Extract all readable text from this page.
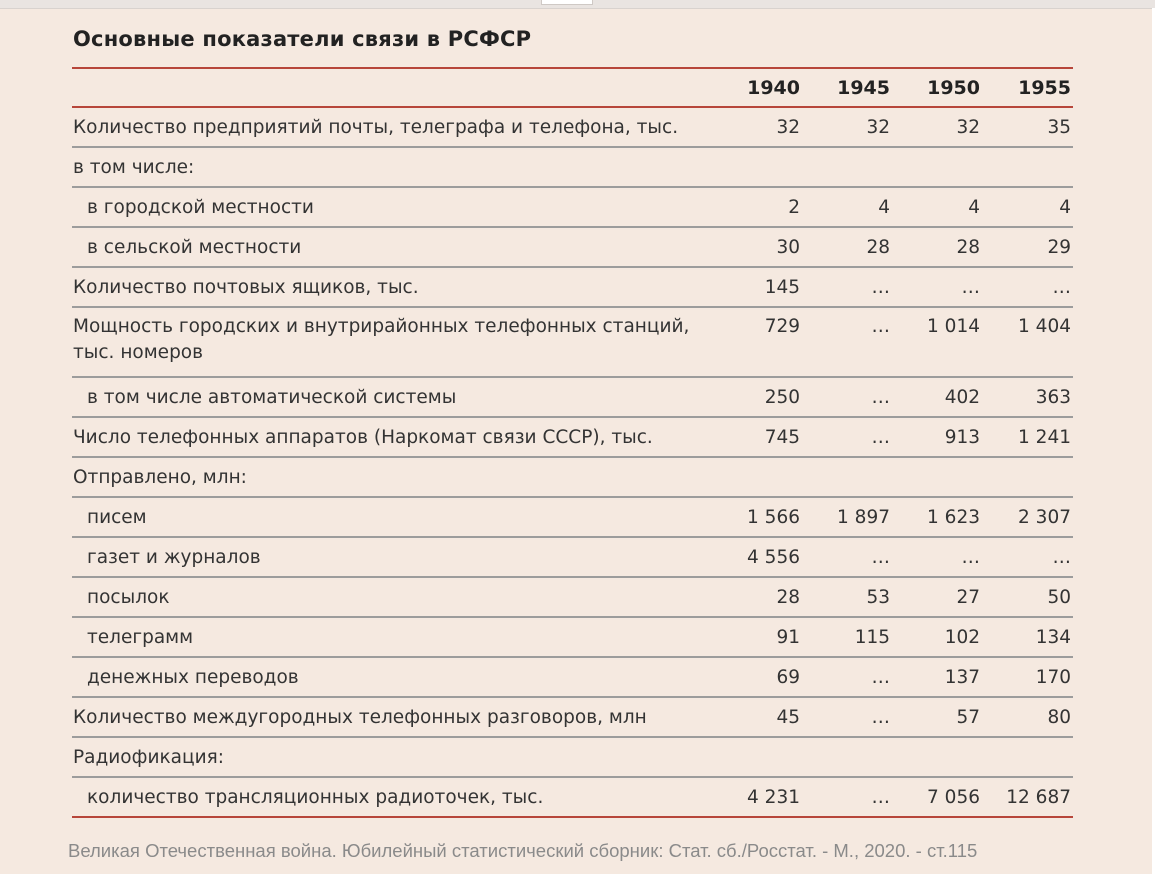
Основные показатели связи в РСФСР
	1940	1945	1950	1955
Количество предприятий почты, телеграфа и телефона, тыс.	32	32	32	35
в том числе:				
в городской местности	2	4	4	4
в сельской местности	30	28	28	29
Количество почтовых ящиков, тыс.	145	…	…	…
Мощность городских и внутрирайонных телефонных станций, тыс. номеров	729	…	1 014	1 404
в том числе автоматической системы	250	…	402	363
Число телефонных аппаратов (Наркомат связи СССР), тыс.	745	…	913	1 241
Отправлено, млн:				
писем	1 566	1 897	1 623	2 307
газет и журналов	4 556	…	…	…
посылок	28	53	27	50
телеграмм	91	115	102	134
денежных переводов	69	…	137	170
Количество междугородных телефонных разговоров, млн	45	…	57	80
Радиофикация:				
количество трансляционных радиоточек, тыс.	4 231	…	7 056	12 687
Великая Отечественная война. Юбилейный статистический сборник: Стат. сб./Росстат. - М., 2020. - ст.115
